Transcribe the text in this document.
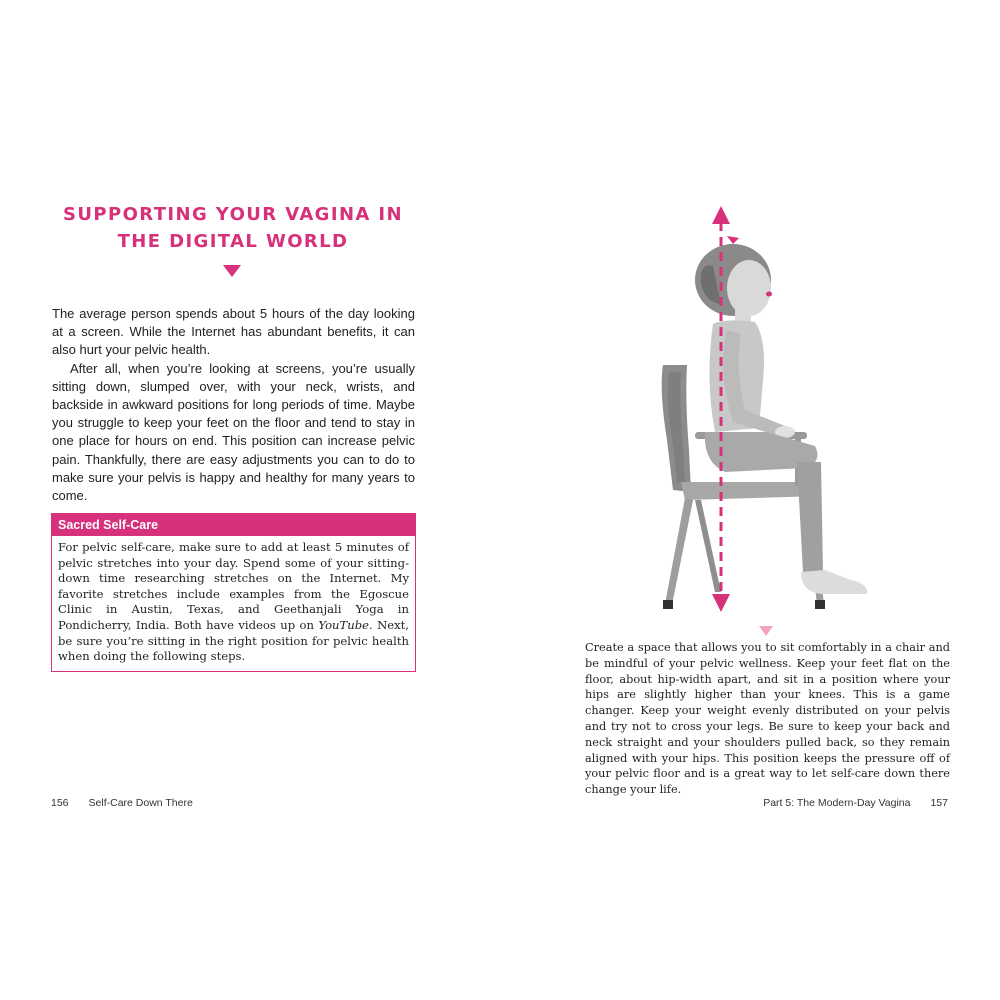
SUPPORTING YOUR VAGINA IN THE DIGITAL WORLD

The average person spends about 5 hours of the day looking at a screen. While the Internet has abundant benefits, it can also hurt your pelvic health.

After all, when you’re looking at screens, you’re usually sitting down, slumped over, with your neck, wrists, and backside in awkward positions for long periods of time. Maybe you struggle to keep your feet on the floor and tend to stay in one place for hours on end. This position can increase pelvic pain. Thankfully, there are easy adjustments you can to do to make sure your pelvis is happy and healthy for many years to come.

Sacred Self-Care
For pelvic self-care, make sure to add at least 5 minutes of pelvic stretches into your day. Spend some of your sitting-down time researching stretches on the Internet. My favorite stretches include examples from the Egoscue Clinic in Austin, Texas, and Geethanjali Yoga in Pondicherry, India. Both have videos up on YouTube. Next, be sure you’re sitting in the right position for pelvic health when doing the following steps.
156 Self-Care Down There
Create a space that allows you to sit comfortably in a chair and be mindful of your pelvic wellness. Keep your feet flat on the floor, about hip-width apart, and sit in a position where your hips are slightly higher than your knees. This is a game changer. Keep your weight evenly distributed on your pelvis and try not to cross your legs. Be sure to keep your back and neck straight and your shoulders pulled back, so they remain aligned with your hips. This position keeps the pressure off of your pelvic floor and is a great way to let self-care down there change your life.
Part 5: The Modern-Day Vagina 157
